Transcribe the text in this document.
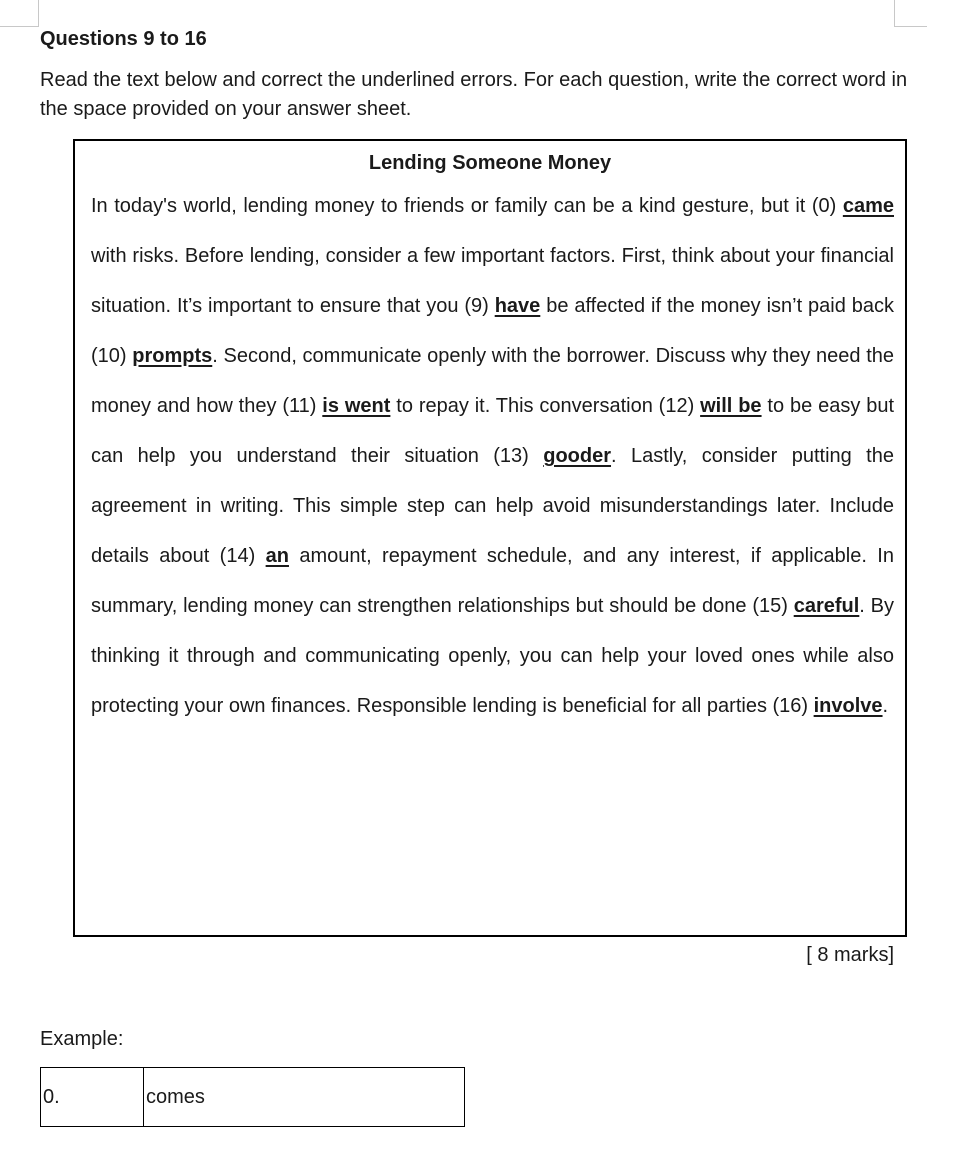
Questions 9 to 16

Read the text below and correct the underlined errors. For each question, write the correct word in the space provided on your answer sheet.

Lending Someone Money

In today's world, lending money to friends or family can be a kind gesture, but it (0) came with risks. Before lending, consider a few important factors. First, think about your financial situation. It’s important to ensure that you (9) have be affected if the money isn’t paid back (10) prompts. Second, communicate openly with the borrower. Discuss why they need the money and how they (11) is went to repay it. This conversation (12) will be to be easy but can help you understand their situation (13) gooder. Lastly, consider putting the agreement in writing. This simple step can help avoid misunderstandings later. Include details about (14) an amount, repayment schedule, and any interest, if applicable. In summary, lending money can strengthen relationships but should be done (15) careful. By thinking it through and communicating openly, you can help your loved ones while also protecting your own finances. Responsible lending is beneficial for all parties (16) involve.

[ 8 marks]

Example:

0.	comes
